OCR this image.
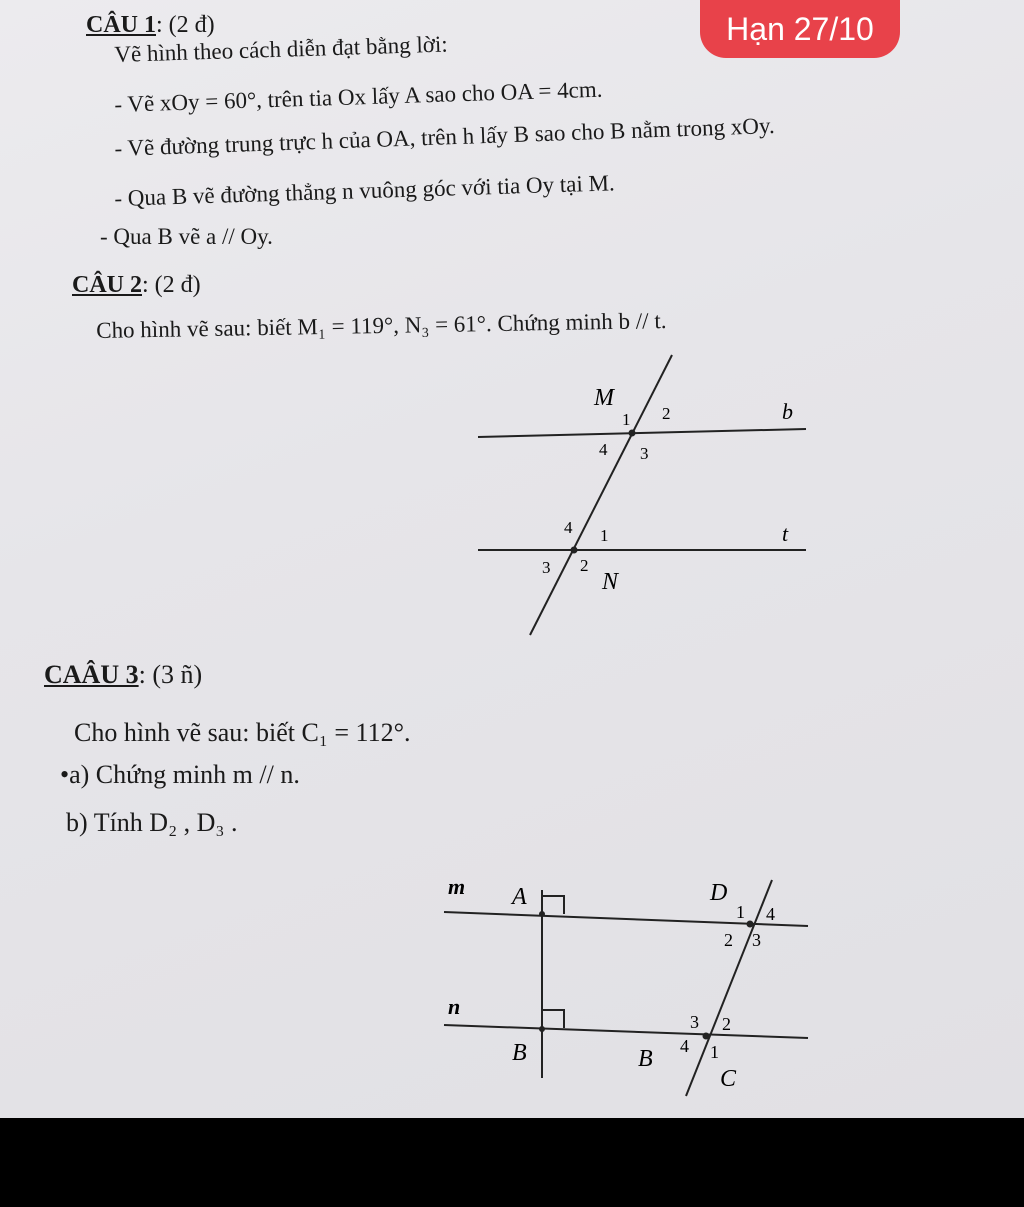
Hạn 27/10
CÂU 1: (2 đ)
Vẽ hình theo cách diễn đạt bằng lời:
- Vẽ xOy = 60°, trên tia Ox lấy A sao cho OA = 4cm.
- Vẽ đường trung trực h của OA, trên h lấy B sao cho B nằm trong xOy.
- Qua B vẽ đường thẳng n vuông góc với tia Oy tại M.
- Qua B vẽ a // Oy.
CÂU 2: (2 đ)
Cho hình vẽ sau: biết M₁ = 119°, N₃ = 61°. Chứng minh b // t.
M
b
1 2
3
4
t
4 1
3 2
N
CAÂU 3: (3 ñ)
Cho hình vẽ sau: biết C₁ = 112°.
•a) Chứng minh m // n.
b) Tính D₂ , D₃ .
m
n
A
B
D
B
C
1 4
2 3
3 2
4 1
